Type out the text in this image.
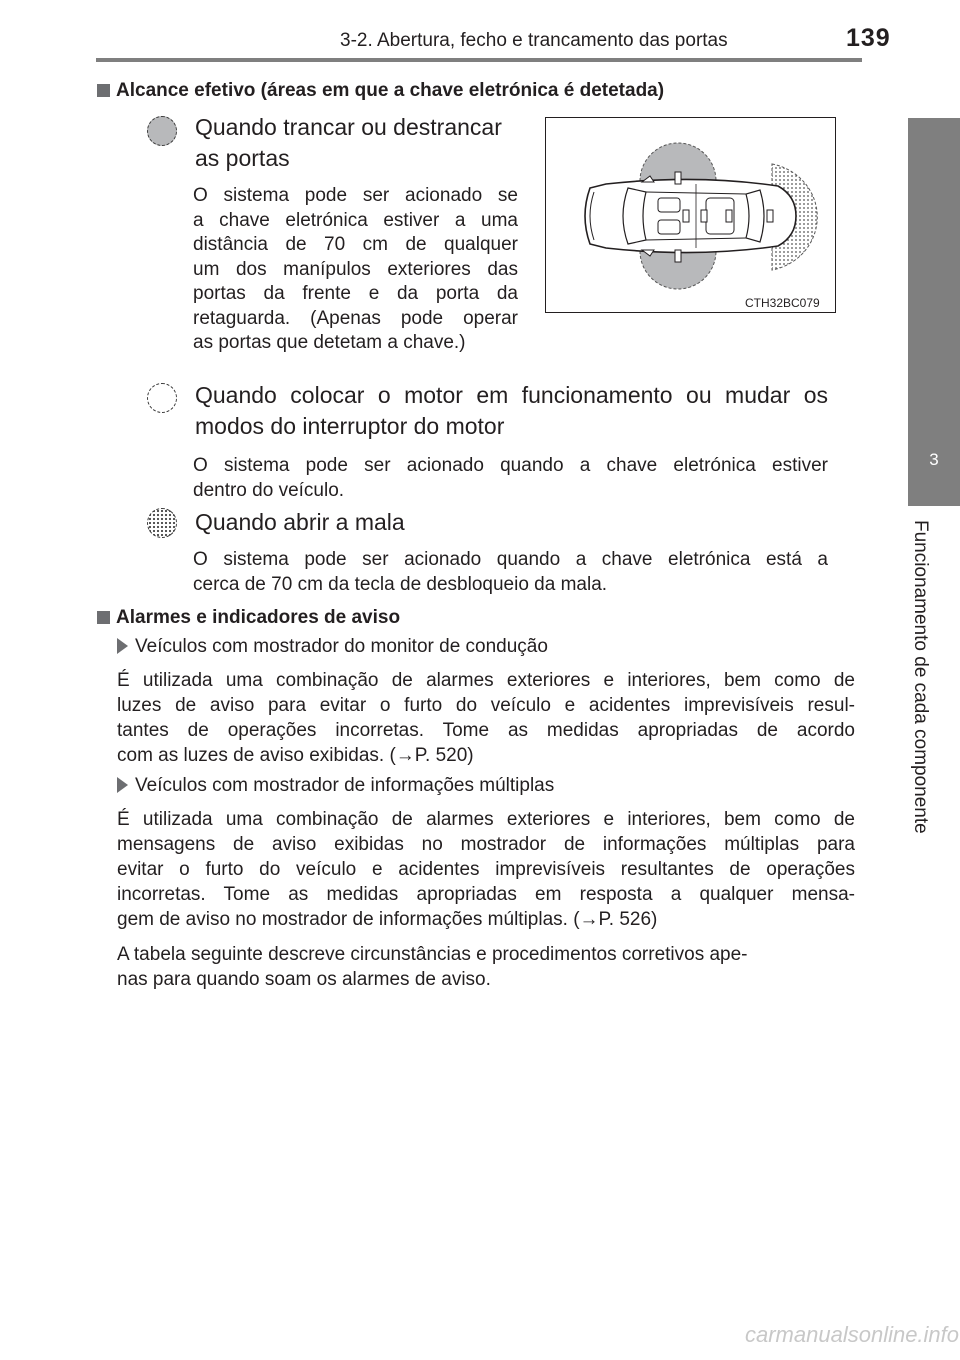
3-2. Abertura, fecho e trancamento das portas	139
3
Funcionamento de cada componente
Alcance efetivo (áreas em que a chave eletrónica é detetada)
Quando trancar ou destrancar
as portas
O sistema pode ser acionado se
a chave eletrónica estiver a uma
distância de 70 cm de qualquer
um dos manípulos exteriores das
portas da frente e da porta da
retaguarda. (Apenas pode operar
as portas que detetam a chave.)
CTH32BC079
Quando colocar o motor em funcionamento ou mudar os
modos do interruptor do motor
O sistema pode ser acionado quando a chave eletrónica estiver
dentro do veículo.
Quando abrir a mala
O sistema pode ser acionado quando a chave eletrónica está a
cerca de 70 cm da tecla de desbloqueio da mala.
Alarmes e indicadores de aviso
Veículos com mostrador do monitor de condução
É utilizada uma combinação de alarmes exteriores e interiores, bem como de
luzes de aviso para evitar o furto do veículo e acidentes imprevisíveis resul-
tantes de operações incorretas. Tome as medidas apropriadas de acordo
com as luzes de aviso exibidas. (→P. 520)
Veículos com mostrador de informações múltiplas
É utilizada uma combinação de alarmes exteriores e interiores, bem como de
mensagens de aviso exibidas no mostrador de informações múltiplas para
evitar o furto do veículo e acidentes imprevisíveis resultantes de operações
incorretas. Tome as medidas apropriadas em resposta a qualquer mensa-
gem de aviso no mostrador de informações múltiplas. (→P. 526)
A tabela seguinte descreve circunstâncias e procedimentos corretivos ape-
nas para quando soam os alarmes de aviso.
carmanualsonline.info
